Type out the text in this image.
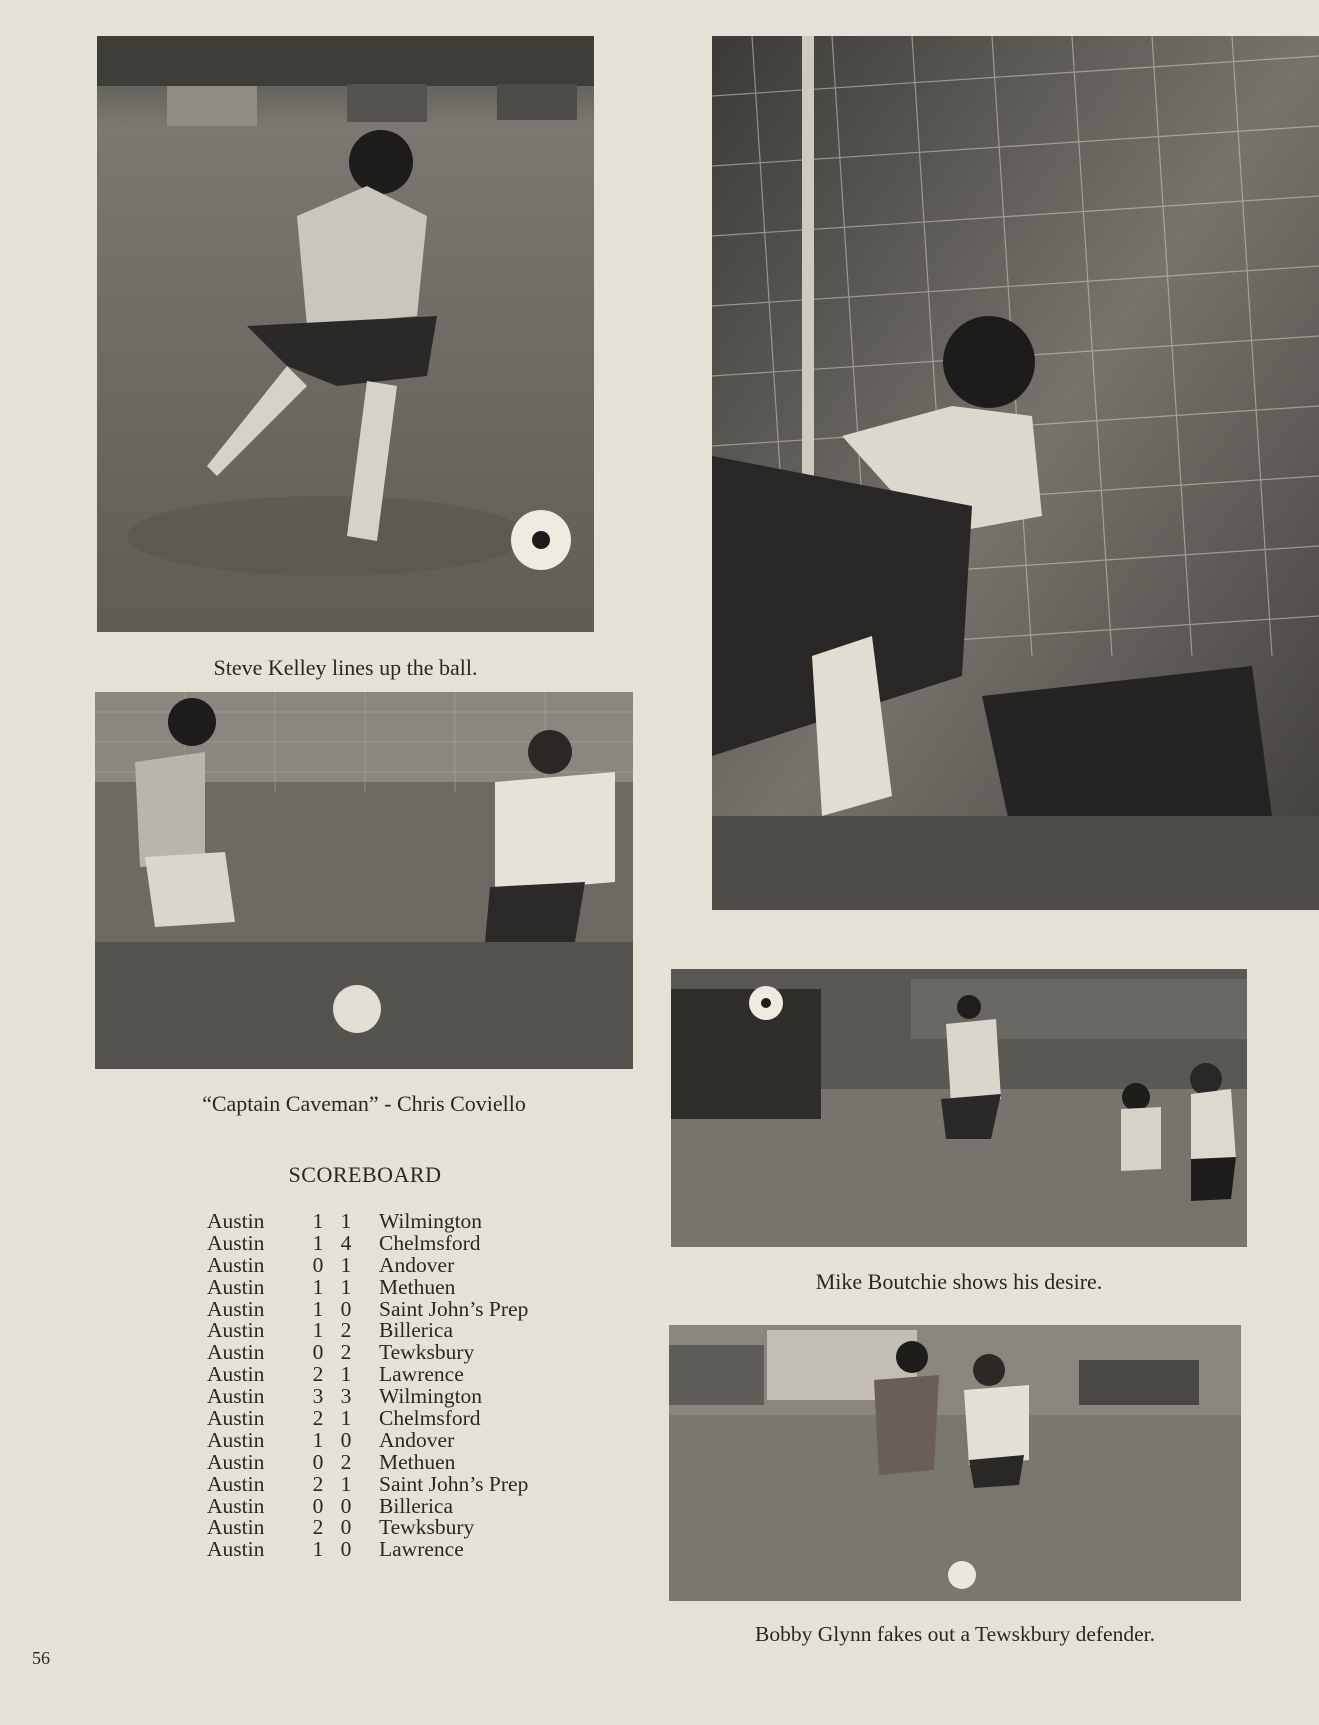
Steve Kelley lines up the ball.
“Captain Caveman” - Chris Coviello
Mike Boutchie shows his desire.
Bobby Glynn fakes out a Tewskbury defender.
SCOREBOARD
Austin 1 1 Wilmington
Austin 1 4 Chelmsford
Austin 0 1 Andover
Austin 1 1 Methuen
Austin 1 0 Saint John’s Prep
Austin 1 2 Billerica
Austin 0 2 Tewksbury
Austin 2 1 Lawrence
Austin 3 3 Wilmington
Austin 2 1 Chelmsford
Austin 1 0 Andover
Austin 0 2 Methuen
Austin 2 1 Saint John’s Prep
Austin 0 0 Billerica
Austin 2 0 Tewksbury
Austin 1 0 Lawrence
56
